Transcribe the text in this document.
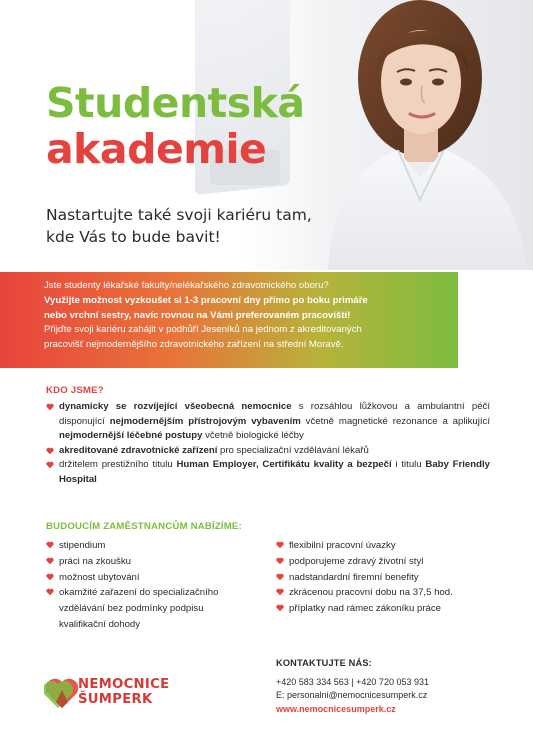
Studentská
akademie
Nastartujte také svoji kariéru tam,
kde Vás to bude bavit!

Jste studenty lékařské fakulty/nelékařského zdravotnického oboru?

Využijte možnost vyzkoušet si 1-3 pracovní dny přímo po boku primáře

nebo vrchní sestry, navíc rovnou na Vámi preferovaném pracovišti!

Přijďte svoji kariéru zahájit v podhůří Jeseníků na jednom z akreditovaných

pracovišť nejmodernějšího zdravotnického zařízení na střední Moravě.

KDO JSME?
dynamicky se rozvíjející všeobecná nemocnice s rozsáhlou lůžkovou a ambulantní péčí disponující nejmodernějším přístrojovým vybavením včetně magnetické rezonance a aplikující nejmodernější léčebné postupy včetně biologické léčby
akreditované zdravotnické zařízení pro specializační vzdělávání lékařů
držitelem prestižního titulu Human Employer, Certifikátu kvality a bezpečí i titulu Baby Friendly Hospital
BUDOUCÍM ZAMĚSTNANCŮM NABÍZÍME:
stipendium
práci na zkoušku
možnost ubytování
okamžité zařazení do specializačního vzdělávání bez podmínky podpisu kvalifikační dohody
flexibilní pracovní úvazky
podporujeme zdravý životní styl
nadstandardní firemní benefity
zkrácenou pracovní dobu na 37,5 hod.
příplatky nad rámec zákoníku práce
NEMOCNICE
ŠUMPERK
KONTAKTUJTE NÁS:
+420 583 334 563 | +420 720 053 931
E: personalni@nemocnicesumperk.cz
www.nemocnicesumperk.cz
